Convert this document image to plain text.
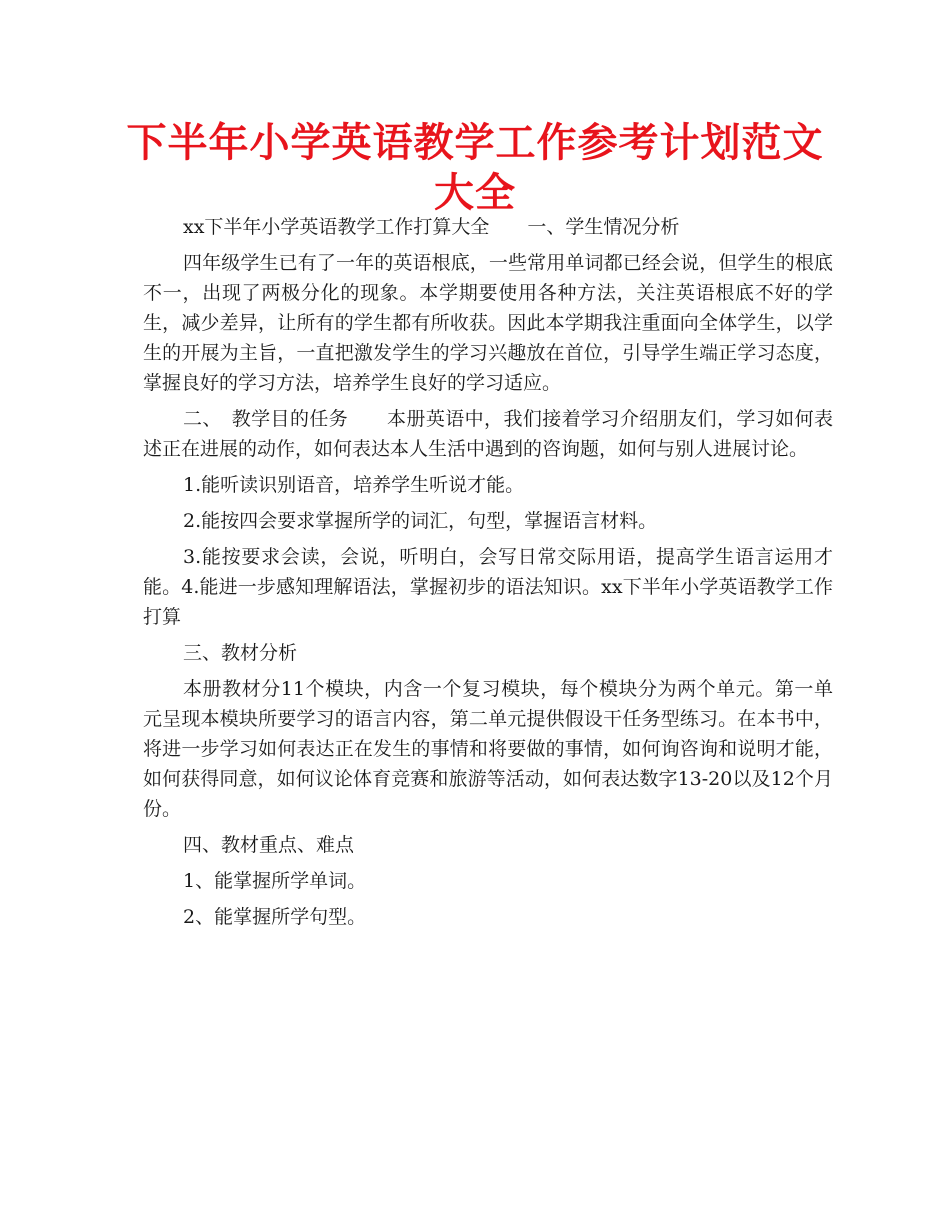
下半年小学英语教学工作参考计划范文大全

xx下半年小学英语教学工作打算大全　　一、学生情况分析

四年级学生已有了一年的英语根底，一些常用单词都已经会说，但学生的根底不一，出现了两极分化的现象。本学期要使用各种方法，关注英语根底不好的学生，减少差异，让所有的学生都有所收获。因此本学期我注重面向全体学生，以学生的开展为主旨，一直把激发学生的学习兴趣放在首位，引导学生端正学习态度，掌握良好的学习方法，培养学生良好的学习适应。

二、　教学目的任务　　本册英语中，我们接着学习介绍朋友们，学习如何表述正在进展的动作，如何表达本人生活中遇到的咨询题，如何与别人进展讨论。

1.能听读识别语音，培养学生听说才能。

2.能按四会要求掌握所学的词汇，句型，掌握语言材料。

3.能按要求会读，会说，听明白，会写日常交际用语，提高学生语言运用才能。4.能进一步感知理解语法，掌握初步的语法知识。xx下半年小学英语教学工作打算

三、教材分析

本册教材分11个模块，内含一个复习模块，每个模块分为两个单元。第一单元呈现本模块所要学习的语言内容，第二单元提供假设干任务型练习。在本书中，将进一步学习如何表达正在发生的事情和将要做的事情，如何询咨询和说明才能，如何获得同意，如何议论体育竞赛和旅游等活动，如何表达数字13-20以及12个月份。

四、教材重点、难点

1、能掌握所学单词。

2、能掌握所学句型。
